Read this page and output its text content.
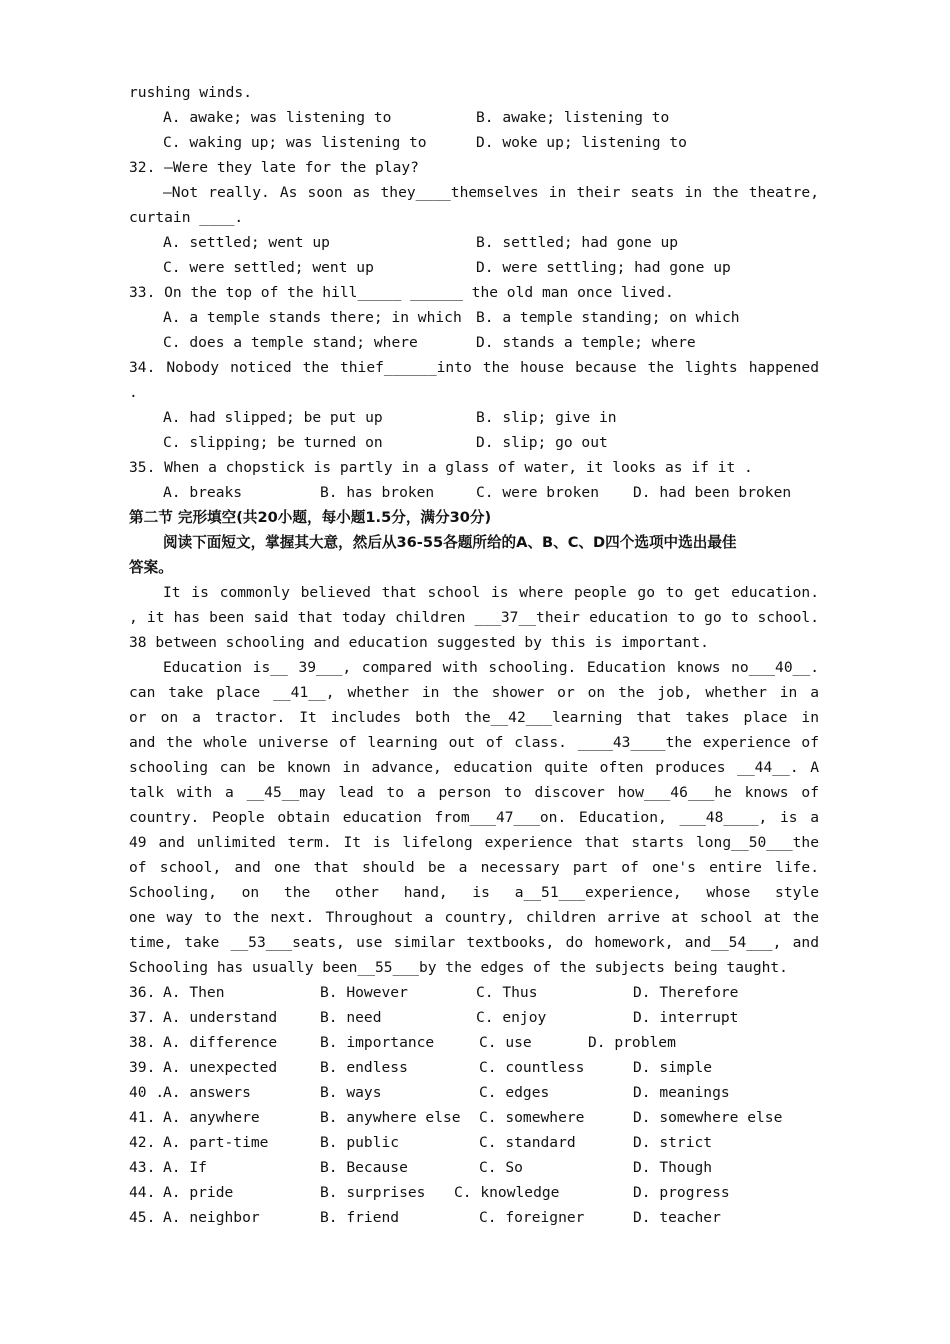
rushing winds.
A. awake; was listening to	B. awake; listening to
C. waking up; was listening to	D. woke up; listening to
32. —Were they late for the play?
—Not really. As soon as they____themselves in their seats in the theatre,
curtain ____.
A. settled; went up	B. settled; had gone up
C. were settled; went up	D. were settling; had gone up
33. On the top of the hill_____ ______ the old man once lived.
A. a temple stands there; in which B. a temple standing; on which
C. does a temple stand; where	D. stands a temple; where
34. Nobody noticed the thief______into the house because the lights happened
.
A. had slipped; be put up	B. slip; give in
C. slipping; be turned on	D. slip; go out
35. When a chopstick is partly in a glass of water, it looks as if it .
A. breaks	B. has broken	C. were broken D. had been broken
第二节 完形填空(共20小题，每小题1.5分，满分30分)
阅读下面短文，掌握其大意，然后从36-55各题所给的A、B、C、D四个选项中选出最佳
答案。
It is commonly believed that school is where people go to get education.
, it has been said that today children ___37__their education to go to school.
38 between schooling and education suggested by this is important.
Education is__ 39___, compared with schooling. Education knows no___40__.
can take place __41__, whether in the shower or on the job, whether in a
or on a tractor. It includes both the__42___learning that takes place in
and the whole universe of learning out of class. ____43____the experience of
schooling can be known in advance, education quite often produces __44__. A
talk with a __45__may lead to a person to discover how___46___he knows of
country. People obtain education from___47___on. Education, ___48____, is a
49 and unlimited term. It is lifelong experience that starts long__50___the
of school, and one that should be a necessary part of one's entire life.
Schooling, on the other hand, is a__51___experience, whose style
one way to the next. Throughout a country, children arrive at school at the
time, take __53___seats, use similar textbooks, do homework, and__54___, and
Schooling has usually been__55___by the edges of the subjects being taught.
36. A. Then	B. However	C. Thus	D. Therefore
37. A. understand	B. need	C. enjoy	D. interrupt
38. A. difference	B. importance	C. use	D. problem
39. A. unexpected	B. endless	C. countless	D. simple
40 .
A. answers	B. ways	C. edges	D. meanings
41. A. anywhere	B. anywhere else C. somewhere	D. somewhere else
42. A. part-time	B. public	C. standard	D. strict
43. A. If	B. Because	C. So	D. Though
44. A. pride	B. surprises C. knowledge	D. progress
45. A. neighbor	B. friend	C. foreigner	D. teacher
